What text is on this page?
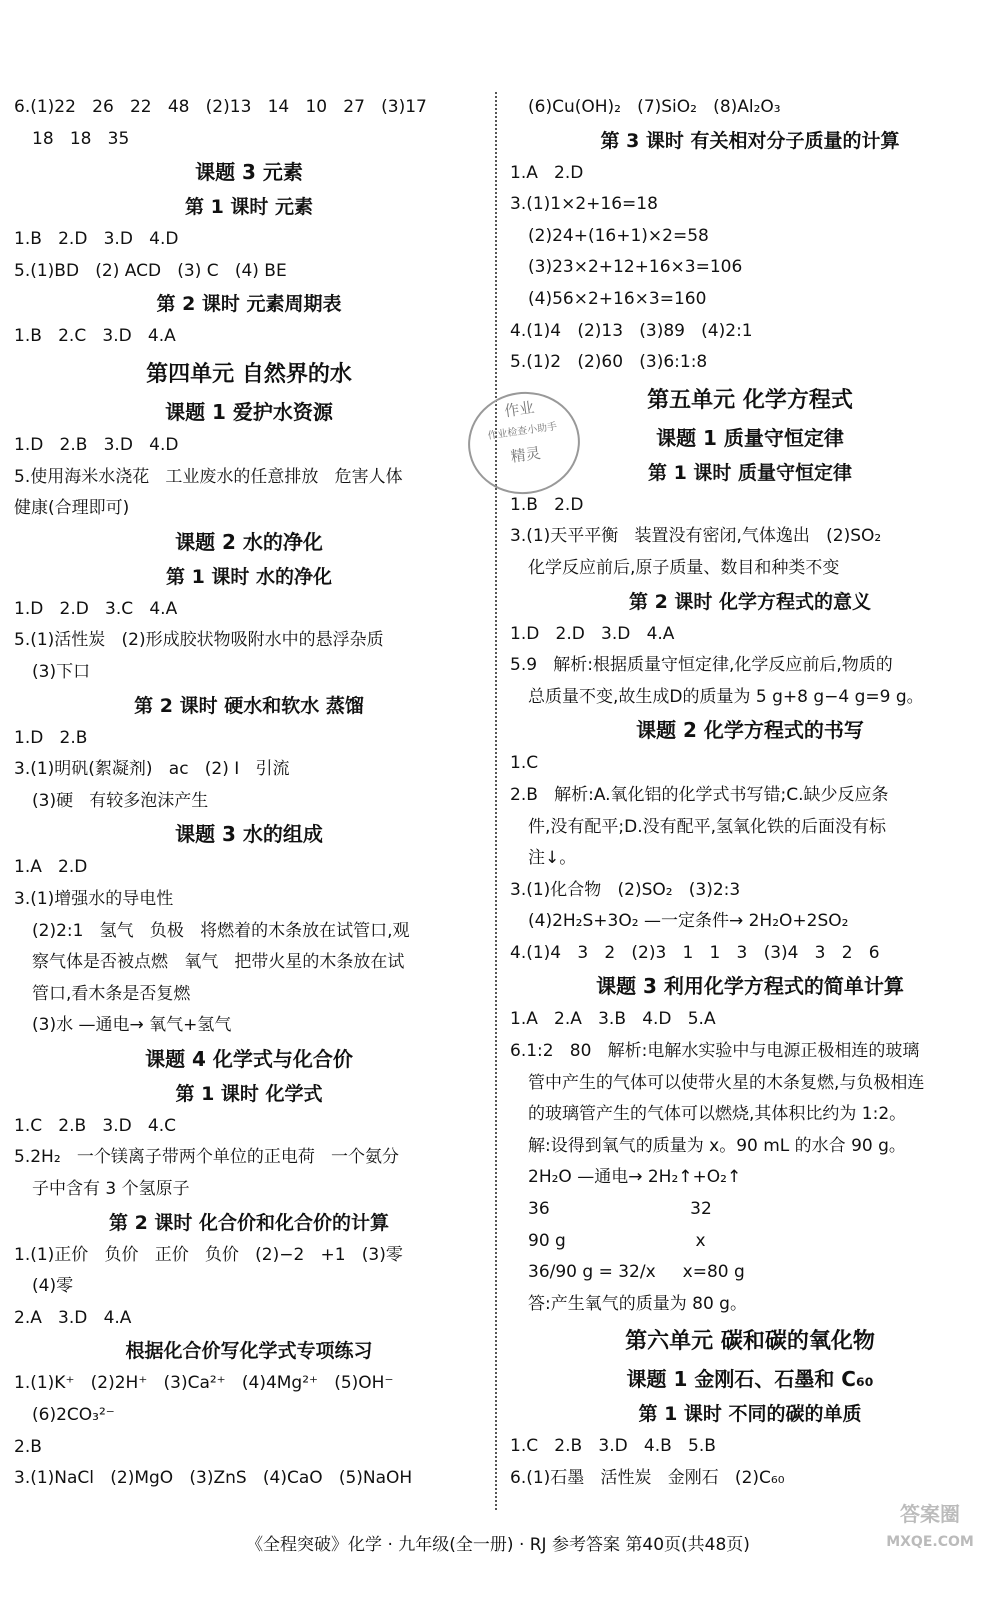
6.(1)22   26   22   48   (2)13   14   10   27   (3)17
18   18   35
课题 3 元素
第 1 课时 元素
1.B   2.D   3.D   4.D
5.(1)BD   (2) ACD   (3) C   (4) BE
第 2 课时 元素周期表
1.B   2.C   3.D   4.A
第四单元 自然界的水
课题 1 爱护水资源
1.D   2.B   3.D   4.D
5.使用海米水浇花   工业废水的任意排放   危害人体
健康(合理即可)
课题 2 水的净化
第 1 课时 水的净化
1.D   2.D   3.C   4.A
5.(1)活性炭   (2)形成胶状物吸附水中的悬浮杂质
(3)下口
第 2 课时 硬水和软水 蒸馏
1.D   2.B
3.(1)明矾(絮凝剂)   ac   (2) I   引流
(3)硬   有较多泡沫产生
课题 3 水的组成
1.A   2.D
3.(1)增强水的导电性
(2)2:1   氢气   负极   将燃着的木条放在试管口,观
察气体是否被点燃   氧气   把带火星的木条放在试
管口,看木条是否复燃
(3)水 —通电→ 氧气+氢气
课题 4 化学式与化合价
第 1 课时 化学式
1.C   2.B   3.D   4.C
5.2H₂   一个镁离子带两个单位的正电荷   一个氨分
子中含有 3 个氢原子
第 2 课时 化合价和化合价的计算
1.(1)正价   负价   正价   负价   (2)−2   +1   (3)零
(4)零
2.A   3.D   4.A
根据化合价写化学式专项练习
1.(1)K⁺   (2)2H⁺   (3)Ca²⁺   (4)4Mg²⁺   (5)OH⁻
(6)2CO₃²⁻
2.B
3.(1)NaCl   (2)MgO   (3)ZnS   (4)CaO   (5)NaOH
(6)Cu(OH)₂   (7)SiO₂   (8)Al₂O₃
第 3 课时 有关相对分子质量的计算
1.A   2.D
3.(1)1×2+16=18
(2)24+(16+1)×2=58
(3)23×2+12+16×3=106
(4)56×2+16×3=160
4.(1)4   (2)13   (3)89   (4)2:1
5.(1)2   (2)60   (3)6:1:8
第五单元 化学方程式
课题 1 质量守恒定律
第 1 课时 质量守恒定律
1.B   2.D
3.(1)天平平衡   装置没有密闭,气体逸出   (2)SO₂
化学反应前后,原子质量、数目和种类不变
第 2 课时 化学方程式的意义
1.D   2.D   3.D   4.A
5.9   解析:根据质量守恒定律,化学反应前后,物质的
总质量不变,故生成D的质量为 5 g+8 g−4 g=9 g。
课题 2 化学方程式的书写
1.C
2.B   解析:A.氧化铝的化学式书写错;C.缺少反应条
件,没有配平;D.没有配平,氢氧化铁的后面没有标
注↓。
3.(1)化合物   (2)SO₂   (3)2:3
(4)2H₂S+3O₂ —一定条件→ 2H₂O+2SO₂
4.(1)4   3   2   (2)3   1   1   3   (3)4   3   2   6
课题 3 利用化学方程式的简单计算
1.A   2.A   3.B   4.D   5.A
6.1:2   80   解析:电解水实验中与电源正极相连的玻璃
管中产生的气体可以使带火星的木条复燃,与负极相连
的玻璃管产生的气体可以燃烧,其体积比约为 1:2。
解:设得到氧气的质量为 x。90 mL 的水合 90 g。
2H₂O —通电→ 2H₂↑+O₂↑
36                          32
90 g                        x
36/90 g = 32/x     x=80 g
答:产生氧气的质量为 80 g。
第六单元 碳和碳的氧化物
课题 1 金刚石、石墨和 C₆₀
第 1 课时 不同的碳的单质
1.C   2.B   3.D   4.B   5.B
6.(1)石墨   活性炭   金刚石   (2)C₆₀
作业
作业检查小助手
精灵
答案圈
MXQE.COM
《全程突破》化学 · 九年级(全一册) · RJ 参考答案 第40页(共48页)
